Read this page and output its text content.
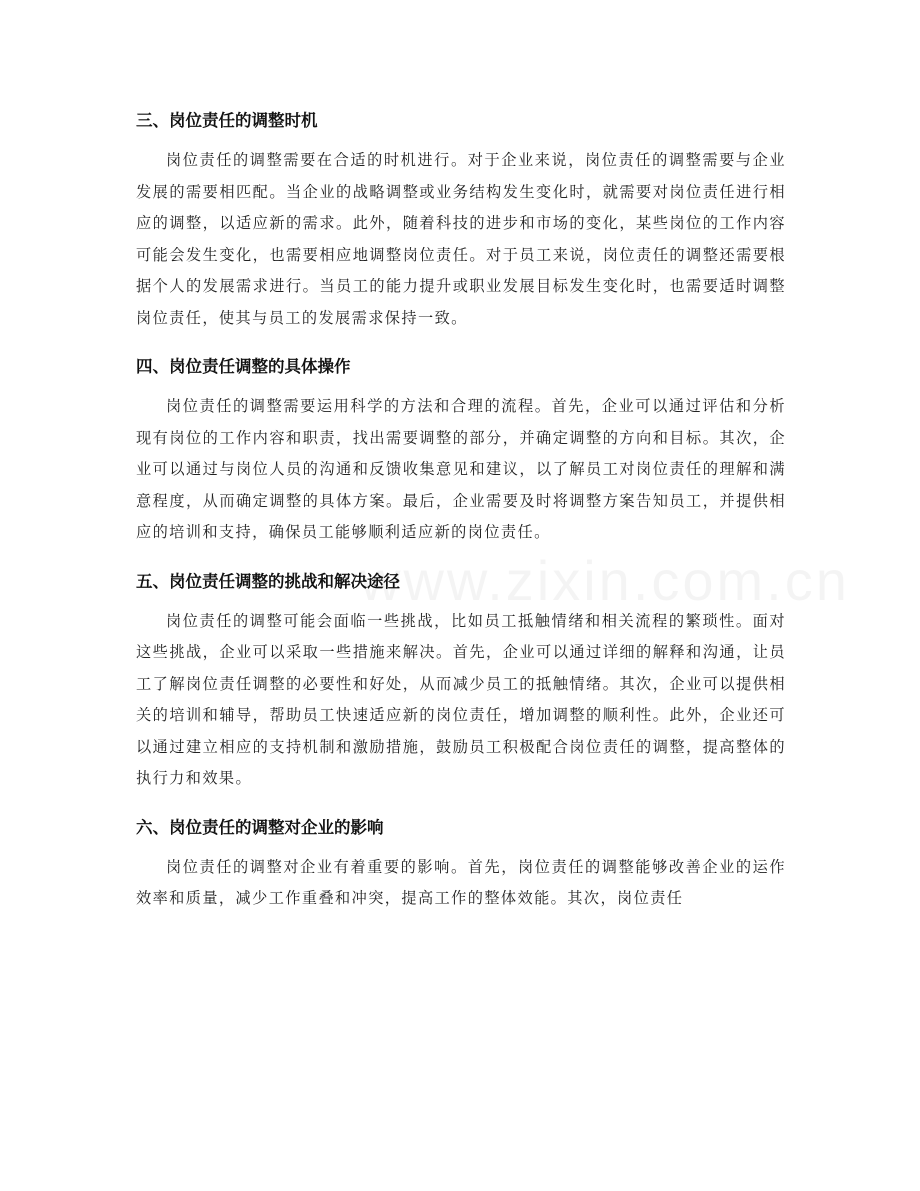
三、岗位责任的调整时机

岗位责任的调整需要在合适的时机进行。对于企业来说，岗位责任的调整需要与企业发展的需要相匹配。当企业的战略调整或业务结构发生变化时，就需要对岗位责任进行相应的调整，以适应新的需求。此外，随着科技的进步和市场的变化，某些岗位的工作内容可能会发生变化，也需要相应地调整岗位责任。对于员工来说，岗位责任的调整还需要根据个人的发展需求进行。当员工的能力提升或职业发展目标发生变化时，也需要适时调整岗位责任，使其与员工的发展需求保持一致。

四、岗位责任调整的具体操作

岗位责任的调整需要运用科学的方法和合理的流程。首先，企业可以通过评估和分析现有岗位的工作内容和职责，找出需要调整的部分，并确定调整的方向和目标。其次，企业可以通过与岗位人员的沟通和反馈收集意见和建议，以了解员工对岗位责任的理解和满意程度，从而确定调整的具体方案。最后，企业需要及时将调整方案告知员工，并提供相应的培训和支持，确保员工能够顺利适应新的岗位责任。

五、岗位责任调整的挑战和解决途径

岗位责任的调整可能会面临一些挑战，比如员工抵触情绪和相关流程的繁琐性。面对这些挑战，企业可以采取一些措施来解决。首先，企业可以通过详细的解释和沟通，让员工了解岗位责任调整的必要性和好处，从而减少员工的抵触情绪。其次，企业可以提供相关的培训和辅导，帮助员工快速适应新的岗位责任，增加调整的顺利性。此外，企业还可以通过建立相应的支持机制和激励措施，鼓励员工积极配合岗位责任的调整，提高整体的执行力和效果。

六、岗位责任的调整对企业的影响

岗位责任的调整对企业有着重要的影响。首先，岗位责任的调整能够改善企业的运作效率和质量，减少工作重叠和冲突，提高工作的整体效能。其次，岗位责任
